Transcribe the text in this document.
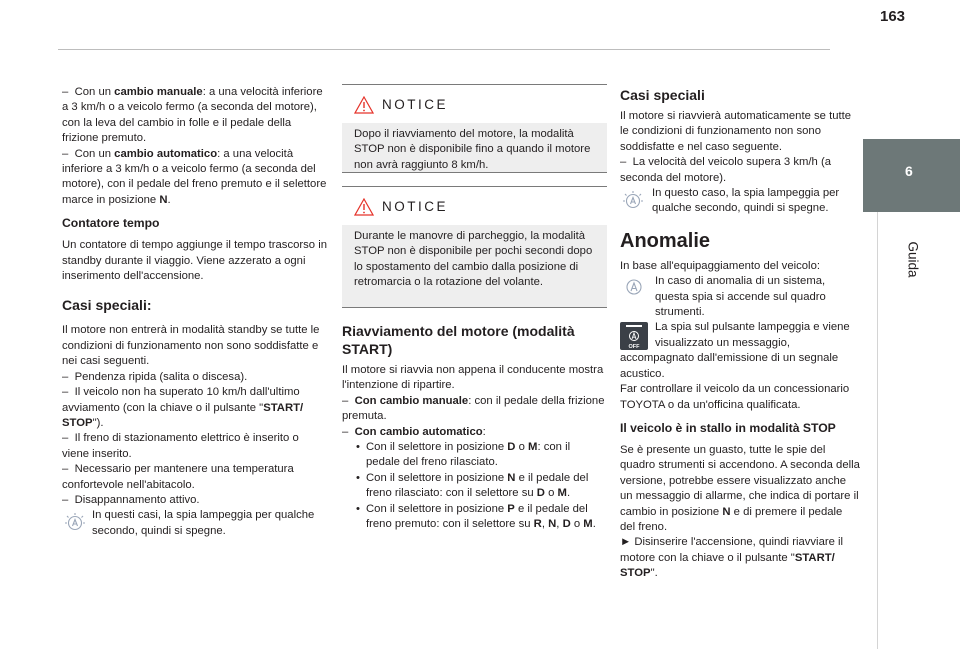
163
6
Guida

– Con un cambio manuale: a una velocità inferiore a 3 km/h o a veicolo fermo (a seconda del motore), con la leva del cambio in folle e il pedale della frizione premuto.

– Con un cambio automatico: a una velocità inferiore a 3 km/h o a veicolo fermo (a seconda del motore), con il pedale del freno premuto e il selettore marce in posizione N.

Contatore tempo

Un contatore di tempo aggiunge il tempo trascorso in standby durante il viaggio. Viene azzerato a ogni inserimento dell'accensione.

Casi speciali:

Il motore non entrerà in modalità standby se tutte le condizioni di funzionamento non sono soddisfatte e nei casi seguenti.

– Pendenza ripida (salita o discesa).

– Il veicolo non ha superato 10 km/h dall'ultimo avviamento (con la chiave o il pulsante "START/ STOP").

– Il freno di stazionamento elettrico è inserito o viene inserito.

– Necessario per mantenere una temperatura confortevole nell'abitacolo.

– Disappannamento attivo.

In questi casi, la spia lampeggia per qualche secondo, quindi si spegne.
NOTICE
Dopo il riavviamento del motore, la modalità STOP non è disponibile fino a quando il motore non avrà raggiunto 8 km/h.
NOTICE
Durante le manovre di parcheggio, la modalità STOP non è disponibile per pochi secondi dopo lo spostamento del cambio dalla posizione di retromarcia o la rotazione del volante.

Riavviamento del motore (modalità START)

Il motore si riavvia non appena il conducente mostra l'intenzione di ripartire.

– Con cambio manuale: con il pedale della frizione premuta.

– Con cambio automatico:

• Con il selettore in posizione D o M: con il pedale del freno rilasciato.

• Con il selettore in posizione N e il pedale del freno rilasciato: con il selettore su D o M.

• Con il selettore in posizione P e il pedale del freno premuto: con il selettore su R, N, D o M.

Casi speciali

Il motore si riavvierà automaticamente se tutte le condizioni di funzionamento non sono soddisfatte e nel caso seguente.

– La velocità del veicolo supera 3 km/h (a seconda del motore).

In questo caso, la spia lampeggia per qualche secondo, quindi si spegne.

Anomalie

In base all'equipaggiamento del veicolo:

In caso di anomalia di un sistema, questa spia si accende sul quadro strumenti.
OFF
La spia sul pulsante lampeggia e viene visualizzato un messaggio,

accompagnato dall'emissione di un segnale acustico.

Far controllare il veicolo da un concessionario TOYOTA o da un'officina qualificata.

Il veicolo è in stallo in modalità STOP

Se è presente un guasto, tutte le spie del quadro strumenti si accendono. A seconda della versione, potrebbe essere visualizzato anche un messaggio di allarme, che indica di portare il cambio in posizione N e di premere il pedale del freno.

► Disinserire l'accensione, quindi riavviare il motore con la chiave o il pulsante "START/ STOP".
